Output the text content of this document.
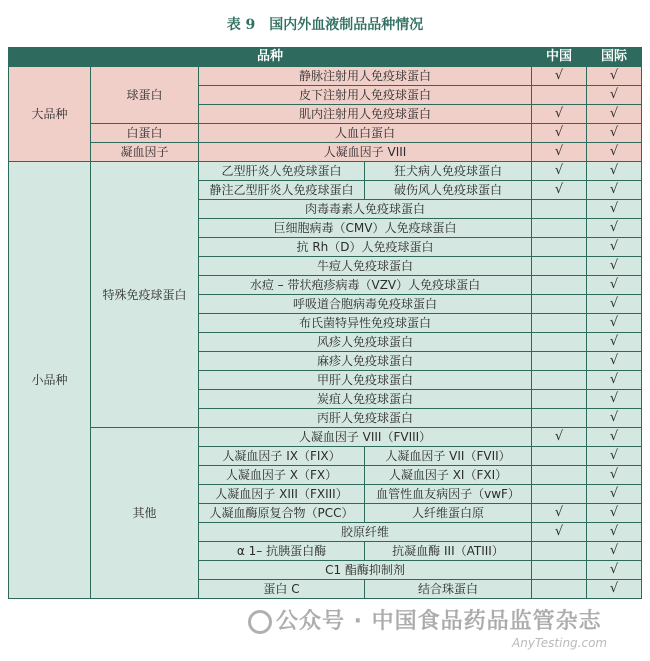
表 9　国内外血液制品品种情况
品种				中国	国际
大品种	球蛋白	静脉注射用人免疫球蛋白		√	√
		皮下注射用人免疫球蛋白			√
		肌内注射用人免疫球蛋白		√	√
	白蛋白	人血白蛋白		√	√
	凝血因子	人凝血因子 VIII		√	√
小品种	特殊免疫球蛋白	乙型肝炎人免疫球蛋白	狂犬病人免疫球蛋白	√	√
		静注乙型肝炎人免疫球蛋白	破伤风人免疫球蛋白	√	√
		肉毒毒素人免疫球蛋白			√
		巨细胞病毒（CMV）人免疫球蛋白			√
		抗 Rh（D）人免疫球蛋白			√
		牛痘人免疫球蛋白			√
		水痘 – 带状疱疹病毒（VZV）人免疫球蛋白			√
		呼吸道合胞病毒免疫球蛋白			√
		布氏菌特异性免疫球蛋白			√
		风疹人免疫球蛋白			√
		麻疹人免疫球蛋白			√
		甲肝人免疫球蛋白			√
		炭疽人免疫球蛋白			√
		丙肝人免疫球蛋白			√
	其他	人凝血因子 VIII（FVIII）		√	√
		人凝血因子 IX（FIX）	人凝血因子 VII（FVII）		√
		人凝血因子 X（FX）	人凝血因子 XI（FXI）		√
		人凝血因子 XIII（FXIII）	血管性血友病因子（vwF）		√
		人凝血酶原复合物（PCC）	人纤维蛋白原	√	√
		胶原纤维		√	√
		α 1– 抗胰蛋白酶	抗凝血酶 III（ATIII）		√
		C1 酯酶抑制剂			√
		蛋白 C	结合珠蛋白		√
公众号 · 中国食品药品监管杂志
AnyTesting.com
